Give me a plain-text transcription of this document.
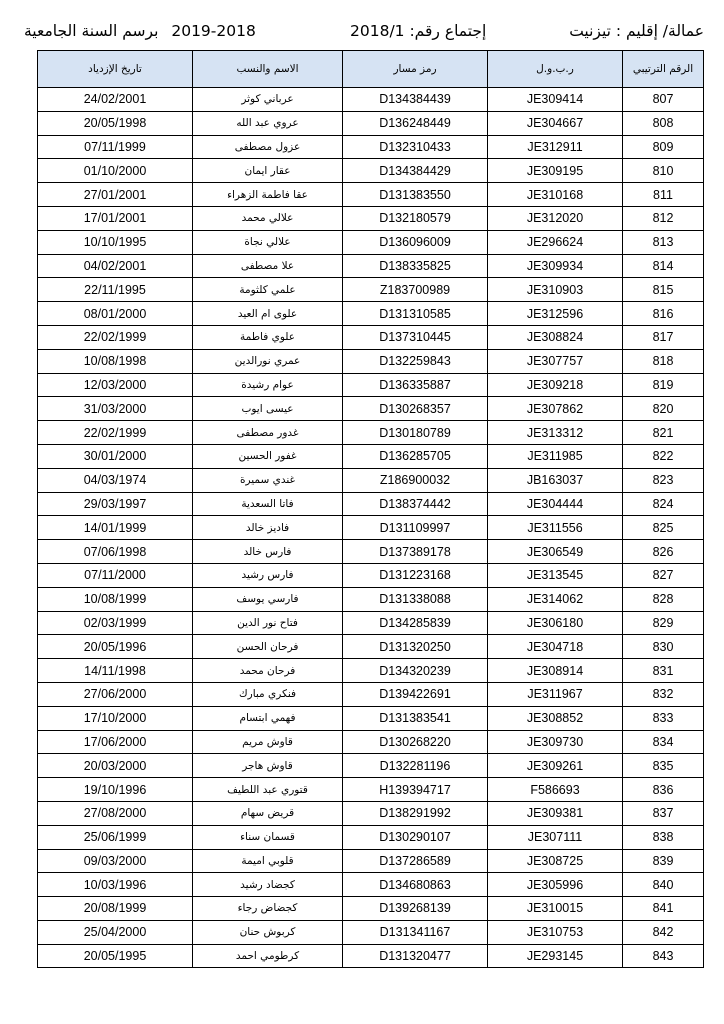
2019-2018 برسم السنة الجامعية	إجتماع رقم: 2018/1	عمالة/ إقليم : تيزنيت
تاريخ الإزدياد	الاسم والنسب	رمز مسار	ر.ب.و.ل	الرقم الترتيبي
24/02/2001	عرباني كوثر	D134384439	JE309414	807
20/05/1998	عروي عبد الله	D136248449	JE304667	808
07/11/1999	عزول مصطفى	D132310433	JE312911	809
01/10/2000	عقار ايمان	D134384429	JE309195	810
27/01/2001	عقا فاطمة الزهراء	D131383550	JE310168	811
17/01/2001	علالي محمد	D132180579	JE312020	812
10/10/1995	علالي نجاة	D136096009	JE296624	813
04/02/2001	علا مصطفى	D138335825	JE309934	814
22/11/1995	علمي كلثومة	Z183700989	JE310903	815
08/01/2000	علوى ام العيد	D131310585	JE312596	816
22/02/1999	علوي فاطمة	D137310445	JE308824	817
10/08/1998	عمري نورالدين	D132259843	JE307757	818
12/03/2000	عوام رشيدة	D136335887	JE309218	819
31/03/2000	عيسى ايوب	D130268357	JE307862	820
22/02/1999	غدور مصطفى	D130180789	JE313312	821
30/01/2000	غفور الحسين	D136285705	JE311985	822
04/03/1974	غندي سميرة	Z186900032	JB163037	823
29/03/1997	فاتا السعدية	D138374442	JE304444	824
14/01/1999	فاديز خالد	D131109997	JE311556	825
07/06/1998	فارس خالد	D137389178	JE306549	826
07/11/2000	فارس رشيد	D131223168	JE313545	827
10/08/1999	فارسي يوسف	D131338088	JE314062	828
02/03/1999	فتاح نور الدين	D134285839	JE306180	829
20/05/1996	فرحان الحسن	D131320250	JE304718	830
14/11/1998	فرحان محمد	D134320239	JE308914	831
27/06/2000	فنكري مبارك	D139422691	JE311967	832
17/10/2000	فهمي ابتسام	D131383541	JE308852	833
17/06/2000	قاوش مريم	D130268220	JE309730	834
20/03/2000	قاوش هاجر	D132281196	JE309261	835
19/10/1996	قتوري عبد اللطيف	H139394717	F586693	836
27/08/2000	قريض سهام	D138291992	JE309381	837
25/06/1999	قسمان سناء	D130290107	JE307111	838
09/03/2000	قلوبي اميمة	D137286589	JE308725	839
10/03/1996	كجضاد رشيد	D134680863	JE305996	840
20/08/1999	كجضاض رجاء	D139268139	JE310015	841
25/04/2000	كربوش حنان	D131341167	JE310753	842
20/05/1995	كرطومي احمد	D131320477	JE293145	843
